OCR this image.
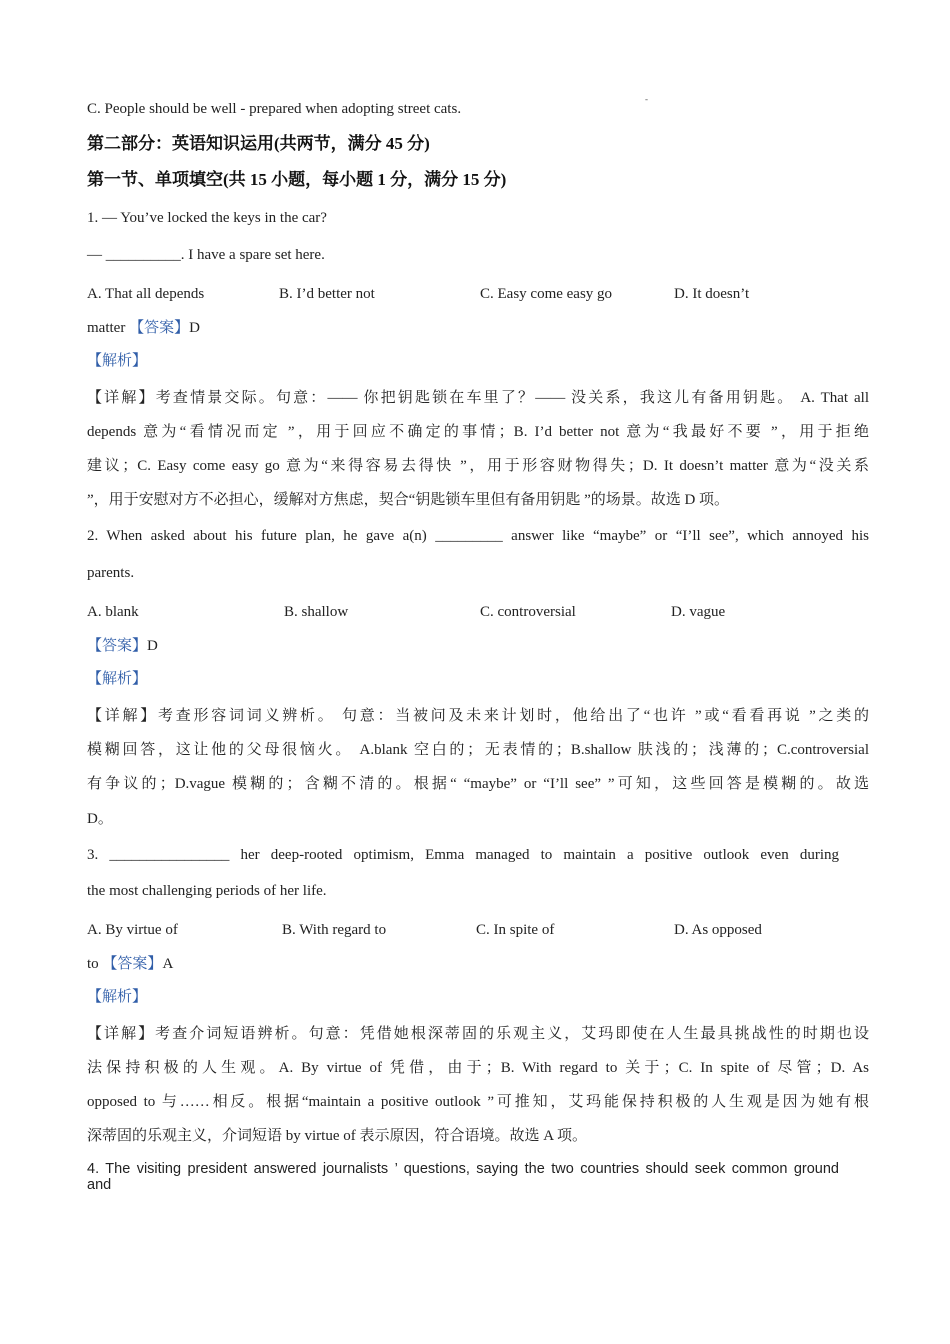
C. People should be well - prepared when adopting street cats.
-
第二部分：英语知识运用(共两节，满分 45 分)
第一节、单项填空(共 15 小题，每小题 1 分，满分 15 分)
1. — You’ve locked the keys in the car?
— __________. I have a spare set here.
A. That all depends	B. I’d better not	C. Easy come easy go	D. It doesn’t
matter 【答案】D
【解析】
【详解】考查情景交际。句意：—— 你把钥匙锁在车里了？—— 没关系，我这儿有备用钥匙。 A. That all
depends 意为“看情况而定 ”，用于回应不确定的事情；B. I’d better not 意为“我最好不要 ”，用于拒绝
建议；C. Easy come easy go 意为“来得容易去得快 ”，用于形容财物得失；D. It doesn’t matter 意为“没关系
”，用于安慰对方不必担心，缓解对方焦虑，契合“钥匙锁车里但有备用钥匙 ”的场景。故选 D 项。
2. When asked about his future plan, he gave a(n) _________ answer like “maybe” or “I’ll see”, which annoyed his
parents.
A. blank	B. shallow	C. controversial	D. vague
【答案】D
【解析】
【详解】考查形容词词义辨析。 句意：当被问及未来计划时，他给出了“也许 ”或“看看再说 ”之类的
模糊回答，这让他的父母很恼火。 A.blank 空白的；无表情的；B.shallow 肤浅的；浅薄的；C.controversial
有争议的；D.vague 模糊的；含糊不清的。根据“ “maybe” or “I’ll see” ”可知，这些回答是模糊的。故选
D。
3. ________________ her deep-rooted optimism, Emma managed to maintain a positive outlook even during
the most challenging periods of her life.
A. By virtue of	B. With regard to	C. In spite of	D. As opposed
to 【答案】A
【解析】
【详解】考查介词短语辨析。句意：凭借她根深蒂固的乐观主义，艾玛即使在人生最具挑战性的时期也设
法保持积极的人生观。A. By virtue of 凭借，由于；B. With regard to 关于；C. In spite of 尽管；D. As
opposed to 与……相反。根据“maintain a positive outlook ”可推知，艾玛能保持积极的人生观是因为她有根
深蒂固的乐观主义，介词短语 by virtue of 表示原因，符合语境。故选 A 项。
4. The visiting president answered journalists ’ questions, saying the two countries should seek common ground
and
